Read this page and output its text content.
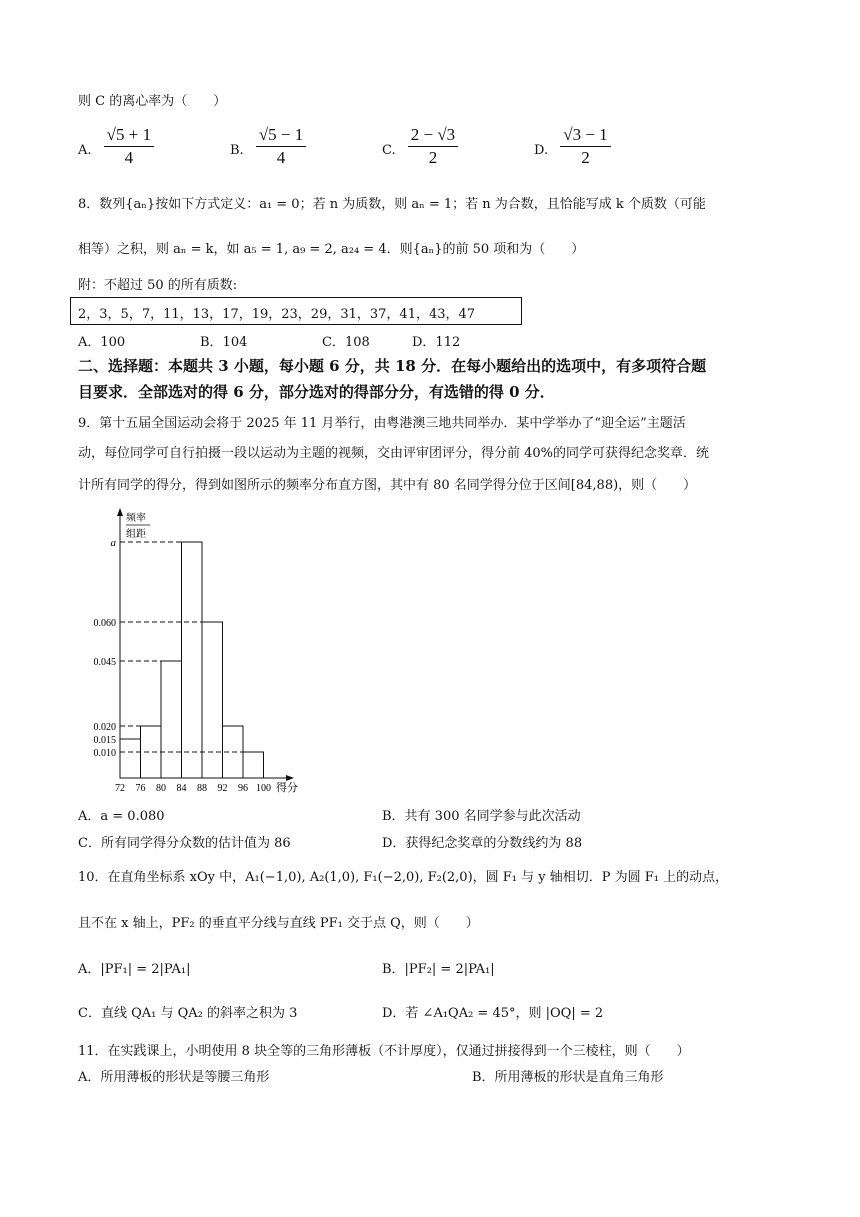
则 C 的离心率为（　　）
A. $\frac{√5 + 1}{4}$	B. $\frac{√5 - 1}{4}$	C. $\frac{2 - √3}{2}$	D. $\frac{√3 - 1}{2}$
8．数列{aₙ}按如下方式定义：a₁ = 0；若 n 为质数，则 aₙ = 1；若 n 为合数，且恰能写成 k 个质数（可能
相等）之积，则 aₙ = k，如 a₅ = 1, a₉ = 2, a₂₄ = 4．则{aₙ}的前 50 项和为（　　）
附：不超过 50 的所有质数:
2，3，5，7，11，13，17，19，23，29，31，37，41，43，47
A．100	B．104	C．108	D．112
二、选择题：本题共 3 小题，每小题 6 分，共 18 分．在每小题给出的选项中，有多项符合题
目要求．全部选对的得 6 分，部分选对的得部分分，有选错的得 0 分．
9．第十五届全国运动会将于 2025 年 11 月举行，由粤港澳三地共同举办．某中学举办了“迎全运”主题活
动，每位同学可自行拍摄一段以运动为主题的视频，交由评审团评分，得分前 40%的同学可获得纪念奖章．统
计所有同学的得分，得到如图所示的频率分布直方图，其中有 80 名同学得分位于区间[84,88)，则（　　）
频率
组距
得分
0.010
0.015
0.020
0.045
0.060
a
72 76 80 84 88 92 96 100
A．a = 0.080	B．共有 300 名同学参与此次活动
C．所有同学得分众数的估计值为 86	D．获得纪念奖章的分数线约为 88
10．在直角坐标系 xOy 中，A₁(−1,0), A₂(1,0), F₁(−2,0), F₂(2,0)，圆 F₁ 与 y 轴相切．P 为圆 F₁ 上的动点，
且不在 x 轴上，PF₂ 的垂直平分线与直线 PF₁ 交于点 Q，则（　　）
A．|PF₁| = 2|PA₁|	B．|PF₂| = 2|PA₁|
C．直线 QA₁ 与 QA₂ 的斜率之积为 3	D．若 ∠A₁QA₂ = 45°，则 |OQ| = 2
11．在实践课上，小明使用 8 块全等的三角形薄板（不计厚度），仅通过拼接得到一个三棱柱，则（　　）
A．所用薄板的形状是等腰三角形	B．所用薄板的形状是直角三角形
